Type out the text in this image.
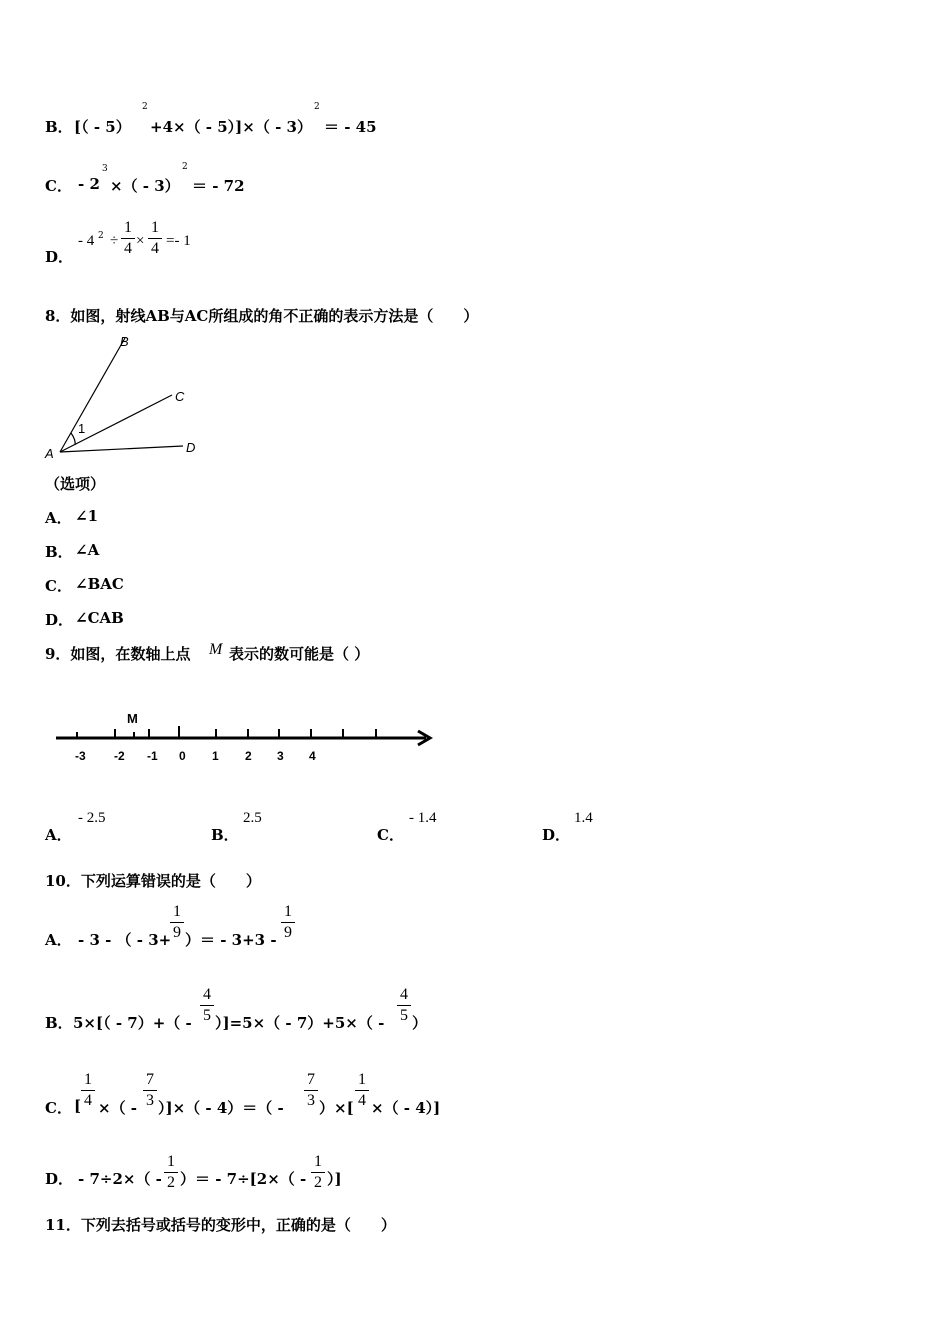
B． [（ - 5）
2
+4×（ - 5）]×（ - 3）
2
＝ - 45
C． - 2
3
×（ - 3）
2
＝ - 72
D．
- 4 2 ÷
1
4 ×
1
4 =- 1
8．如图，射线AB与AC所组成的角不正确的表示方法是（　　）
B
C
D
A
1
（选项）
A． ∠1
B． ∠A
C． ∠BAC
D． ∠CAB
9．如图，在数轴上点 M 表示的数可能是（ ）
M
-3 -2 -1 0 1 2 3 4
A．
- 2.5
B．
2.5
C．
- 1.4
D．
1.4
10．下列运算错误的是（　　）
A． - 3 - （ - 3+
1
9 ）＝ - 3+3 -
1
9
B． 5×[（ - 7）+（ -
4
5 ）]=5×（ - 7）+5×（ -
4
5 ）
C． [
1
4 ×（ -
7
3 ）]×（ - 4）＝（ -
7
3 ）×[
1
4 ×（ - 4）]
D． - 7÷2×（ -
1
2 ）＝ - 7÷[2×（ -
1
2 ）]
11．下列去括号或括号的变形中，正确的是（　　）
